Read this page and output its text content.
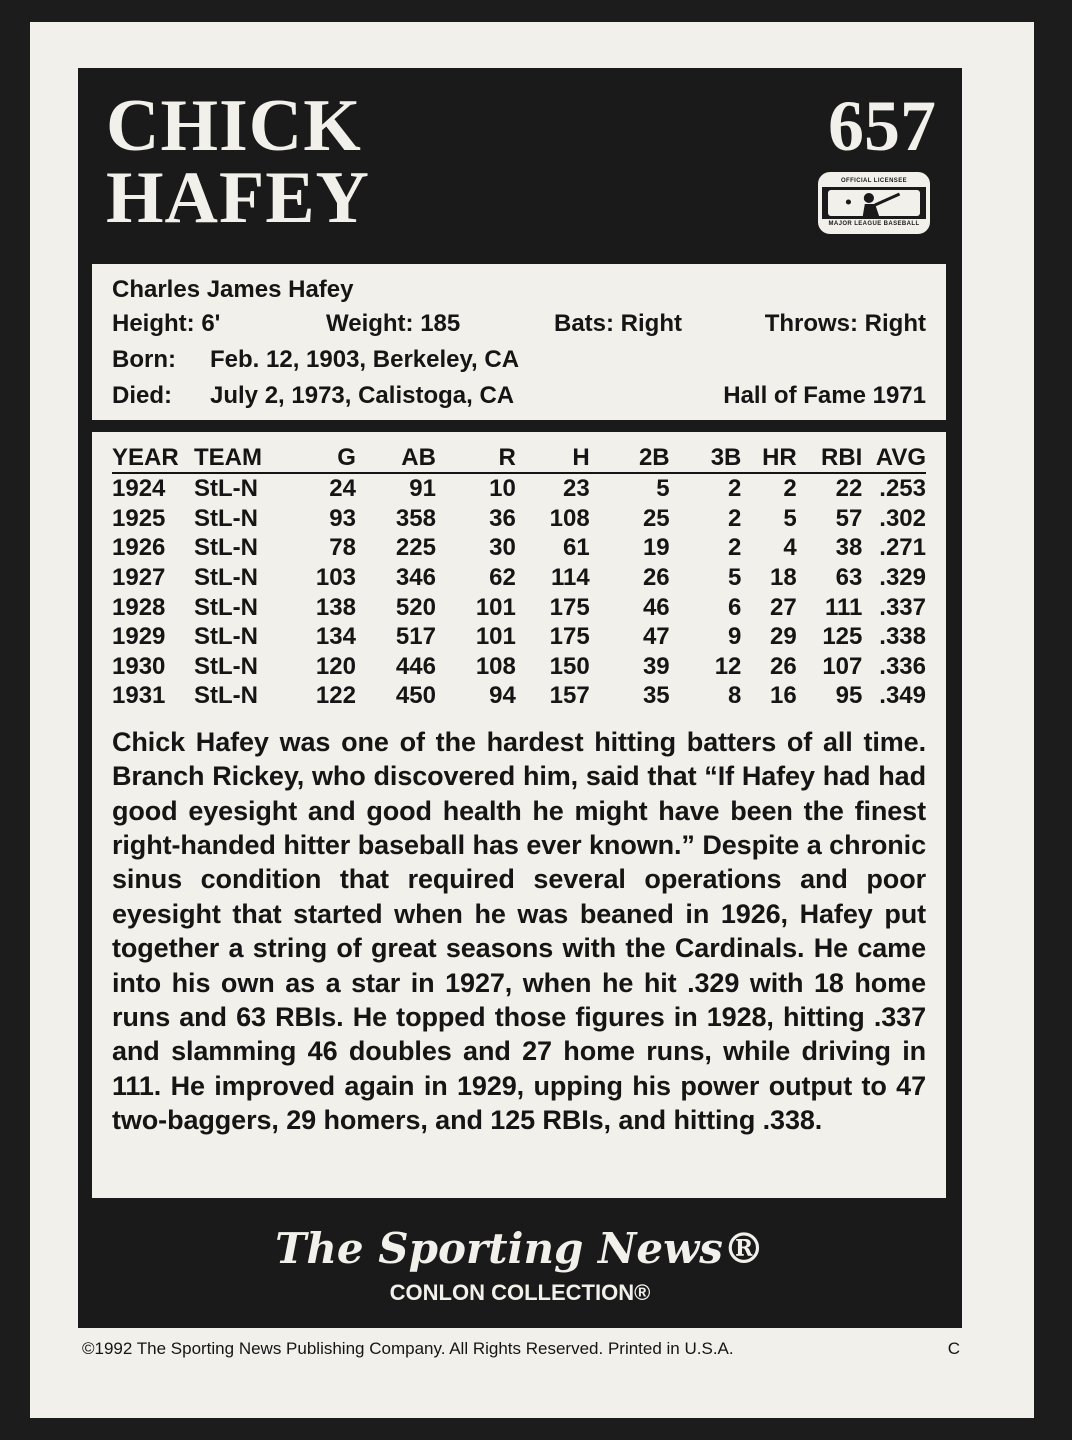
CHICK
HAFEY
657
OFFICIAL LICENSEE
MAJOR LEAGUE BASEBALL
Charles James Hafey
Height: 6'	Weight: 185	Bats: Right	Throws: Right
Born: Feb. 12, 1903, Berkeley, CA
Died: July 2, 1973, Calistoga, CA	Hall of Fame 1971
YEAR	TEAM	G	AB	R	H	2B	3B	HR	RBI	AVG
1924	StL-N	24	91	10	23	5	2	2	22	.253
1925	StL-N	93	358	36	108	25	2	5	57	.302
1926	StL-N	78	225	30	61	19	2	4	38	.271
1927	StL-N	103	346	62	114	26	5	18	63	.329
1928	StL-N	138	520	101	175	46	6	27	111	.337
1929	StL-N	134	517	101	175	47	9	29	125	.338
1930	StL-N	120	446	108	150	39	12	26	107	.336
1931	StL-N	122	450	94	157	35	8	16	95	.349
Chick Hafey was one of the hardest hitting batters of all time. Branch Rickey, who discovered him, said that “If Hafey had had good eyesight and good health he might have been the finest right-handed hitter baseball has ever known.” Despite a chronic sinus condition that required several operations and poor eyesight that started when he was beaned in 1926, Hafey put together a string of great seasons with the Cardinals. He came into his own as a star in 1927, when he hit .329 with 18 home runs and 63 RBIs. He topped those figures in 1928, hitting .337 and slamming 46 doubles and 27 home runs, while driving in 111. He improved again in 1929, upping his power output to 47 two-baggers, 29 homers, and 125 RBIs, and hitting .338.
The Sporting News®
CONLON COLLECTION®
©1992 The Sporting News Publishing Company. All Rights Reserved. Printed in U.S.A.	C
